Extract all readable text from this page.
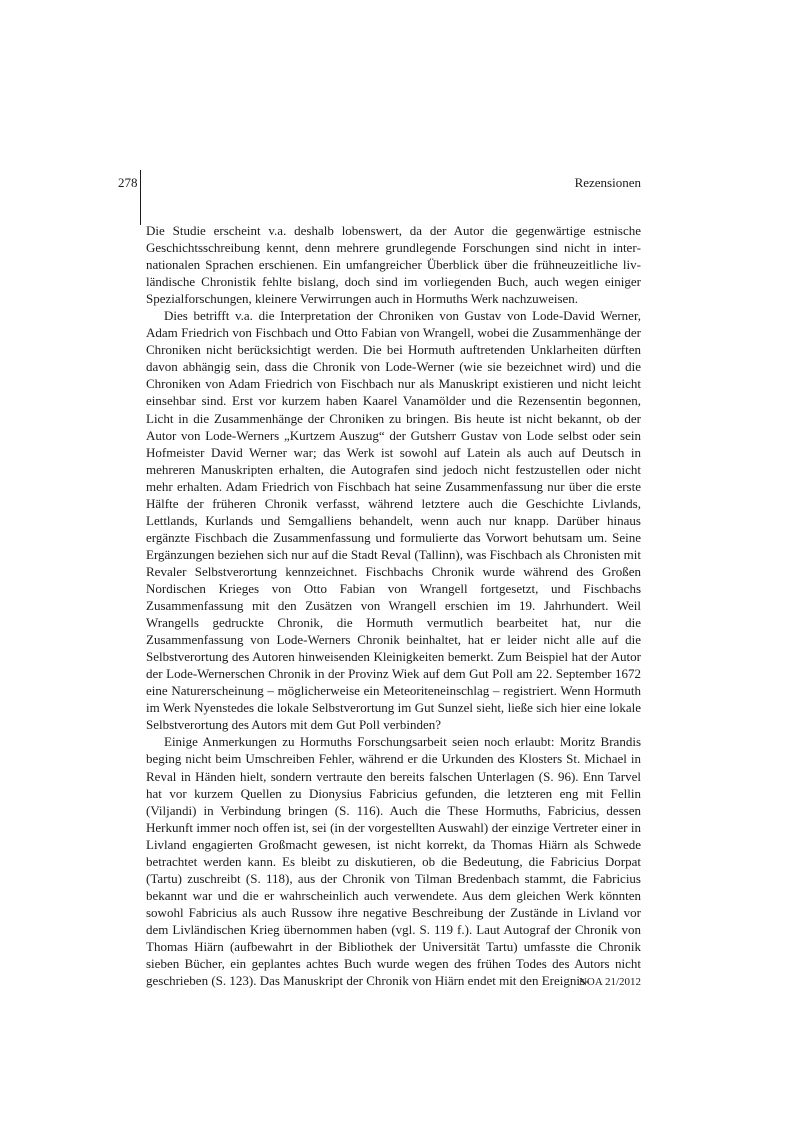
278	Rezensionen

Die Studie erscheint v.a. deshalb lobenswert, da der Autor die gegenwärtige estnische Geschichtsschreibung kennt, denn mehrere grundlegende Forschungen sind nicht in internationalen Sprachen erschienen. Ein umfangreicher Überblick über die frühneuzeitliche livländische Chronistik fehlte bislang, doch sind im vorliegenden Buch, auch wegen einiger Spezialforschungen, kleinere Verwirrungen auch in Hormuths Werk nachzuweisen.

Dies betrifft v.a. die Interpretation der Chroniken von Gustav von Lode-David Werner, Adam Friedrich von Fischbach und Otto Fabian von Wrangell, wobei die Zusammenhänge der Chroniken nicht berücksichtigt werden. Die bei Hormuth auftretenden Unklarheiten dürften davon abhängig sein, dass die Chronik von Lode-Werner (wie sie bezeichnet wird) und die Chroniken von Adam Friedrich von Fischbach nur als Manuskript existieren und nicht leicht einsehbar sind. Erst vor kurzem haben Kaarel Vanamölder und die Rezensentin begonnen, Licht in die Zusammenhänge der Chroniken zu bringen. Bis heute ist nicht bekannt, ob der Autor von Lode-Werners „Kurtzem Auszug“ der Gutsherr Gustav von Lode selbst oder sein Hofmeister David Werner war; das Werk ist sowohl auf Latein als auch auf Deutsch in mehreren Manuskripten erhalten, die Autografen sind jedoch nicht festzustellen oder nicht mehr erhalten. Adam Friedrich von Fischbach hat seine Zusammenfassung nur über die erste Hälfte der früheren Chronik verfasst, während letztere auch die Geschichte Livlands, Lettlands, Kurlands und Semgalliens behandelt, wenn auch nur knapp. Darüber hinaus ergänzte Fischbach die Zusammenfassung und formulierte das Vorwort behutsam um. Seine Ergänzungen beziehen sich nur auf die Stadt Reval (Tallinn), was Fischbach als Chronisten mit Revaler Selbstverortung kennzeichnet. Fischbachs Chronik wurde während des Großen Nordischen Krieges von Otto Fabian von Wrangell fortgesetzt, und Fischbachs Zusammenfassung mit den Zusätzen von Wrangell erschien im 19. Jahrhundert. Weil Wrangells gedruckte Chronik, die Hormuth vermutlich bearbeitet hat, nur die Zusammenfassung von Lode-Werners Chronik beinhaltet, hat er leider nicht alle auf die Selbstverortung des Autoren hinweisenden Kleinigkeiten bemerkt. Zum Beispiel hat der Autor der Lode-Wernerschen Chronik in der Provinz Wiek auf dem Gut Poll am 22. September 1672 eine Naturerscheinung – möglicherweise ein Meteoriteneinschlag – registriert. Wenn Hormuth im Werk Nyenstedes die lokale Selbstverortung im Gut Sunzel sieht, ließe sich hier eine lokale Selbstverortung des Autors mit dem Gut Poll verbinden?

Einige Anmerkungen zu Hormuths Forschungsarbeit seien noch erlaubt: Moritz Brandis beging nicht beim Umschreiben Fehler, während er die Urkunden des Klosters St. Michael in Reval in Händen hielt, sondern vertraute den bereits falschen Unterlagen (S. 96). Enn Tarvel hat vor kurzem Quellen zu Dionysius Fabricius gefunden, die letzteren eng mit Fellin (Viljandi) in Verbindung bringen (S. 116). Auch die These Hormuths, Fabricius, dessen Herkunft immer noch offen ist, sei (in der vorgestellten Auswahl) der einzige Vertreter einer in Livland engagierten Großmacht gewesen, ist nicht korrekt, da Thomas Hiärn als Schwede betrachtet werden kann. Es bleibt zu diskutieren, ob die Bedeutung, die Fabricius Dorpat (Tartu) zuschreibt (S. 118), aus der Chronik von Tilman Bredenbach stammt, die Fabricius bekannt war und die er wahrscheinlich auch verwendete. Aus dem gleichen Werk könnten sowohl Fabricius als auch Russow ihre negative Beschreibung der Zustände in Livland vor dem Livländischen Krieg übernommen haben (vgl. S. 119 f.). Laut Autograf der Chronik von Thomas Hiärn (aufbewahrt in der Bibliothek der Universität Tartu) umfasste die Chronik sieben Bücher, ein geplantes achtes Buch wurde wegen des frühen Todes des Autors nicht geschrieben (S. 123). Das Manuskript der Chronik von Hiärn endet mit den Ereignis-

NOA 21/2012
